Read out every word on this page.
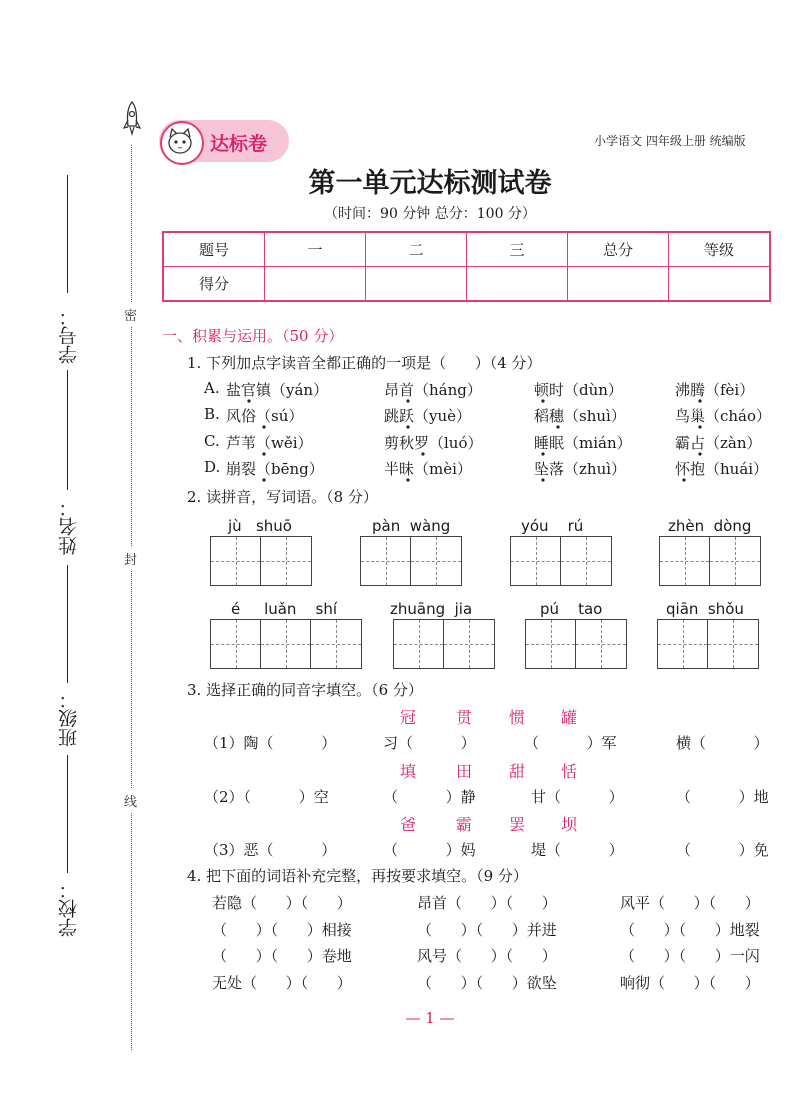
密
封
线
学号：
姓名：
班级：
学校：
达标卷	小学语文 四年级上册 统编版
第一单元达标测试卷
（时间：90 分钟 总分：100 分）
题号	一	二	三	总分	等级
得分					
一、积累与运用。（50 分）
1. 下列加点字读音全都正确的一项是（      ）（4 分）
A. 盐官镇（yán）	昂首（háng）	顿时（dùn）	沸腾（fèi）
B. 风俗（sú）	跳跃（yuè）	稻穗（shuì）	鸟巢（cháo）
C. 芦苇（wěi）	剪秋罗（luó）	睡眠（mián）	霸占（zàn）
D. 崩裂（bēng）	半昧（mèi）	坠落（zhuì）	怀抱（huái）
2. 读拼音，写词语。（8 分）
jù   shuō	pàn  wàng	yóu    rú	zhèn  dòng
é     luǎn    shí	zhuāng  jia	pú    tao	qiān  shǒu
3. 选择正确的同音字填空。（6 分）
冠 贯 惯 罐
（1）陶（          ）	习（          ）	（          ）军	横（          ）
填 田 甜 恬
（2）（          ）空	（          ）静	甘（          ）	（          ）地
爸 霸 罢 坝
（3）恶（          ）	（          ）妈	堤（          ）	（          ）免
4. 把下面的词语补充完整，再按要求填空。（9 分）
若隐（      ）（      ）	昂首（      ）（      ）	风平（      ）（      ）
（      ）（      ）相接	（      ）（      ）并进	（      ）（      ）地裂
（      ）（      ）卷地	风号（      ）（      ）	（      ）（      ）一闪
无处（      ）（      ）	（      ）（      ）欲坠	响彻（      ）（      ）
— 1 —
